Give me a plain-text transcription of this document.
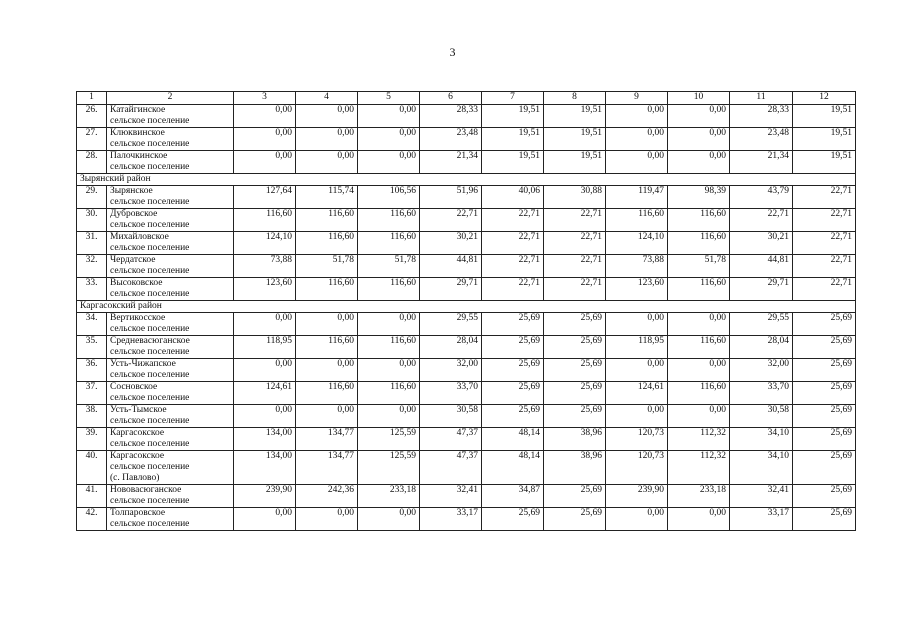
3
1	2	3	4	5	6	7	8	9	10	11	12
26.	Катайгинское
сельское поселение	0,00	0,00	0,00	28,33	19,51	19,51	0,00	0,00	28,33	19,51
27.	Клюквинское
сельское поселение	0,00	0,00	0,00	23,48	19,51	19,51	0,00	0,00	23,48	19,51
28.	Палочкинское
сельское поселение	0,00	0,00	0,00	21,34	19,51	19,51	0,00	0,00	21,34	19,51
Зырянский район											
29.	Зырянское
сельское поселение	127,64	115,74	106,56	51,96	40,06	30,88	119,47	98,39	43,79	22,71
30.	Дубровское
сельское поселение	116,60	116,60	116,60	22,71	22,71	22,71	116,60	116,60	22,71	22,71
31.	Михайловское
сельское поселение	124,10	116,60	116,60	30,21	22,71	22,71	124,10	116,60	30,21	22,71
32.	Чердатское
сельское поселение	73,88	51,78	51,78	44,81	22,71	22,71	73,88	51,78	44,81	22,71
33.	Высоковское
сельское поселение	123,60	116,60	116,60	29,71	22,71	22,71	123,60	116,60	29,71	22,71
Каргасокский район											
34.	Вертикосское
сельское поселение	0,00	0,00	0,00	29,55	25,69	25,69	0,00	0,00	29,55	25,69
35.	Средневасюганское
сельское поселение	118,95	116,60	116,60	28,04	25,69	25,69	118,95	116,60	28,04	25,69
36.	Усть-Чижапское
сельское поселение	0,00	0,00	0,00	32,00	25,69	25,69	0,00	0,00	32,00	25,69
37.	Сосновское
сельское поселение	124,61	116,60	116,60	33,70	25,69	25,69	124,61	116,60	33,70	25,69
38.	Усть-Тымское
сельское поселение	0,00	0,00	0,00	30,58	25,69	25,69	0,00	0,00	30,58	25,69
39.	Каргасокское
сельское поселение	134,00	134,77	125,59	47,37	48,14	38,96	120,73	112,32	34,10	25,69
40.	Каргасокское
сельское поселение
(с. Павлово)	134,00	134,77	125,59	47,37	48,14	38,96	120,73	112,32	34,10	25,69
41.	Нововасюганское
сельское поселение	239,90	242,36	233,18	32,41	34,87	25,69	239,90	233,18	32,41	25,69
42.	Толпаровское
сельское поселение	0,00	0,00	0,00	33,17	25,69	25,69	0,00	0,00	33,17	25,69
